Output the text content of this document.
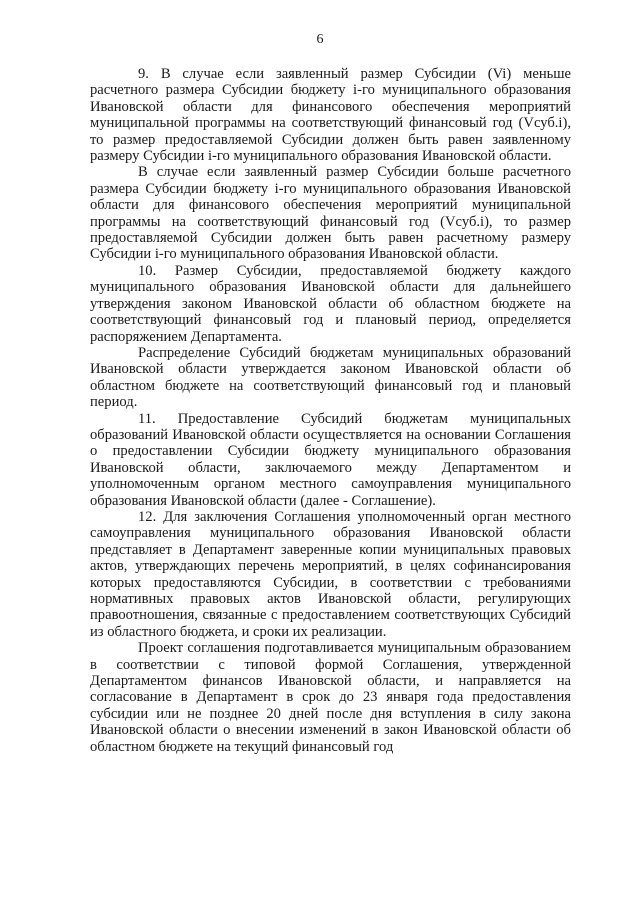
6

9. В случае если заявленный размер Субсидии (Vi) меньше расчетного размера Субсидии бюджету i-го муниципального образования Ивановской области для финансового обеспечения мероприятий муниципальной программы на соответствующий финансовый год (Vсуб.i), то размер предоставляемой Субсидии должен быть равен заявленному размеру Субсидии i-го муниципального образования Ивановской области.

В случае если заявленный размер Субсидии больше расчетного размера Субсидии бюджету i-го муниципального образования Ивановской области для финансового обеспечения мероприятий муниципальной программы на соответствующий финансовый год (Vсуб.i), то размер предоставляемой Субсидии должен быть равен расчетному размеру Субсидии i-го муниципального образования Ивановской области.

10. Размер Субсидии, предоставляемой бюджету каждого муниципального образования Ивановской области для дальнейшего утверждения законом Ивановской области об областном бюджете на соответствующий финансовый год и плановый период, определяется распоряжением Департамента.

Распределение Субсидий бюджетам муниципальных образований Ивановской области утверждается законом Ивановской области об областном бюджете на соответствующий финансовый год и плановый период.

11. Предоставление Субсидий бюджетам муниципальных образований Ивановской области осуществляется на основании Соглашения о предоставлении Субсидии бюджету муниципального образования Ивановской области, заключаемого между Департаментом и уполномоченным органом местного самоуправления муниципального образования Ивановской области (далее - Соглашение).

12. Для заключения Соглашения уполномоченный орган местного самоуправления муниципального образования Ивановской области представляет в Департамент заверенные копии муниципальных правовых актов, утверждающих перечень мероприятий, в целях софинансирования которых предоставляются Субсидии, в соответствии с требованиями нормативных правовых актов Ивановской области, регулирующих правоотношения, связанные с предоставлением соответствующих Субсидий из областного бюджета, и сроки их реализации.

Проект соглашения подготавливается муниципальным образованием в соответствии с типовой формой Соглашения, утвержденной Департаментом финансов Ивановской области, и направляется на согласование в Департамент в срок до 23 января года предоставления субсидии или не позднее 20 дней после дня вступления в силу закона Ивановской области о внесении изменений в закон Ивановской области об областном бюджете на текущий финансовый год
